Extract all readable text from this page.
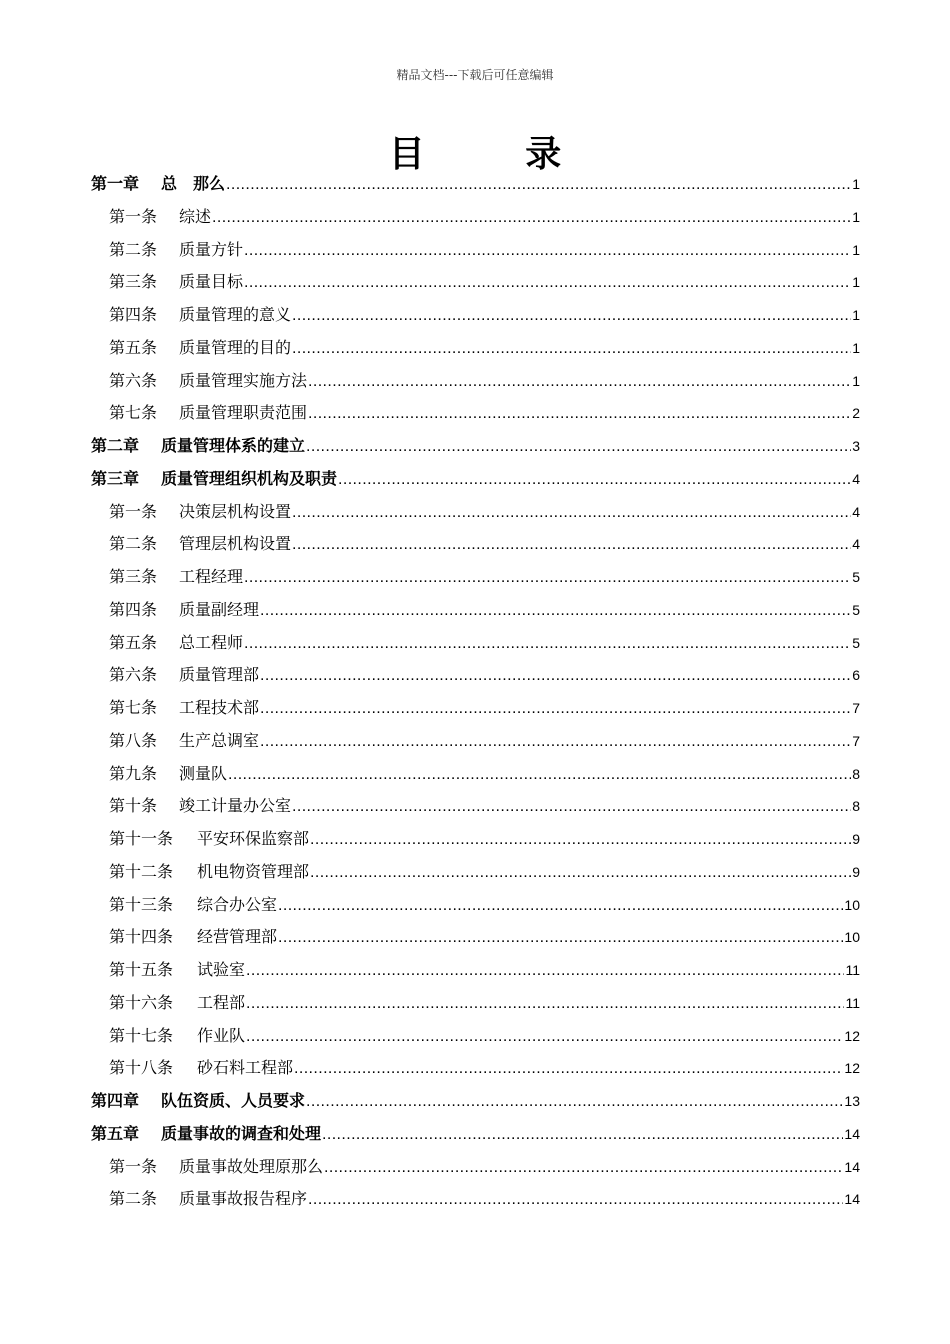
精品文档---下载后可任意编辑
目 录
第一章	总　那么 .....	1
第一条	综述 .....	1
第二条	质量方针 .....	1
第三条	质量目标 .....	1
第四条	质量管理的意义 .....	1
第五条	质量管理的目的 .....	1
第六条	质量管理实施方法 .....	1
第七条	质量管理职责范围 .....	2
第二章	质量管理体系的建立 .....	3
第三章	质量管理组织机构及职责 .....	4
第一条	决策层机构设置 .....	4
第二条	管理层机构设置 .....	4
第三条	工程经理 .....	5
第四条	质量副经理 .....	5
第五条	总工程师 .....	5
第六条	质量管理部 .....	6
第七条	工程技术部 .....	7
第八条	生产总调室 .....	7
第九条	测量队 .....	8
第十条	竣工计量办公室 .....	8
第十一条	平安环保监察部 .....	9
第十二条	机电物资管理部 .....	9
第十三条	综合办公室 .....	10
第十四条	经营管理部 .....	10
第十五条	试验室 .....	11
第十六条	工程部 .....	11
第十七条	作业队 .....	12
第十八条	砂石料工程部 .....	12
第四章	队伍资质、人员要求 .....	13
第五章	质量事故的调查和处理 .....	14
第一条	质量事故处理原那么 .....	14
第二条	质量事故报告程序 .....	14
